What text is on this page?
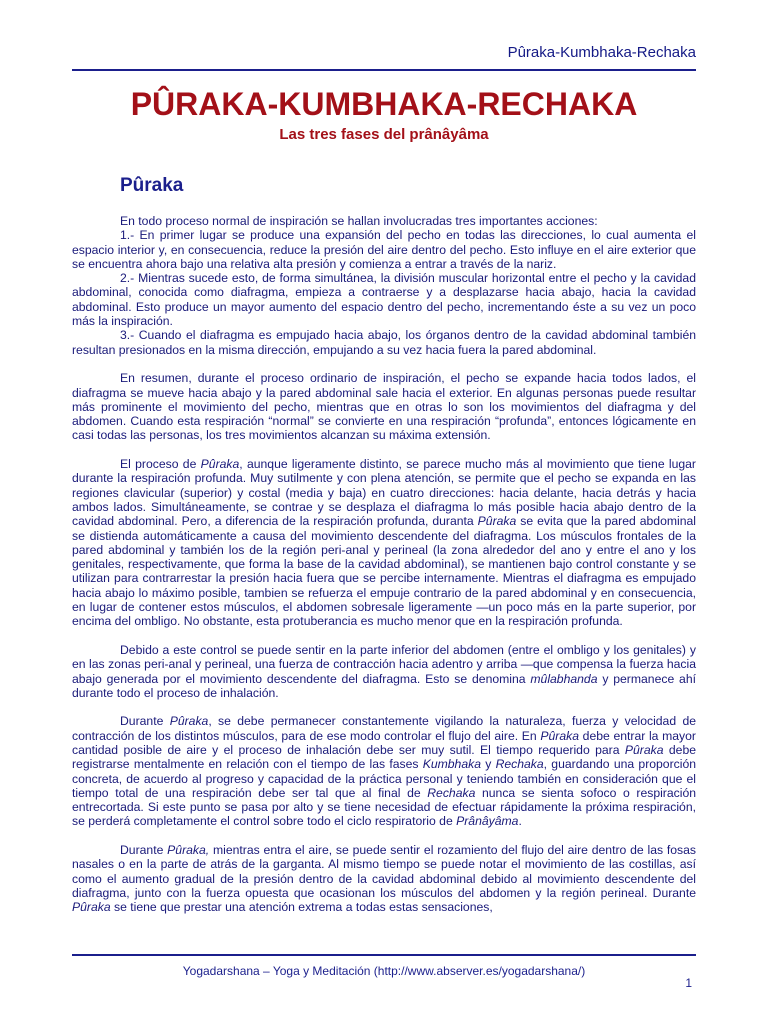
Pûraka-Kumbhaka-Rechaka
PÛRAKA-KUMBHAKA-RECHAKA
Las tres fases del prânâyâma
Pûraka

En todo proceso normal de inspiración se hallan involucradas tres importantes acciones:

1.- En primer lugar se produce una expansión del pecho en todas las direcciones, lo cual aumenta el espacio interior y, en consecuencia, reduce la presión del aire dentro del pecho. Esto influye en el aire exterior que se encuentra ahora bajo una relativa alta presión y comienza a entrar a través de la nariz.

2.- Mientras sucede esto, de forma simultánea, la división muscular horizontal entre el pecho y la cavidad abdominal, conocida como diafragma, empieza a contraerse y a desplazarse hacia abajo, hacia la cavidad abdominal. Esto produce un mayor aumento del espacio dentro del pecho, incrementando éste a su vez un poco más la inspiración.

3.- Cuando el diafragma es empujado hacia abajo, los órganos dentro de la cavidad abdominal también resultan presionados en la misma dirección, empujando a su vez hacia fuera la pared abdominal.

En resumen, durante el proceso ordinario de inspiración, el pecho se expande hacia todos lados, el diafragma se mueve hacia abajo y la pared abdominal sale hacia el exterior. En algunas personas puede resultar más prominente el movimiento del pecho, mientras que en otras lo son los movimientos del diafragma y del abdomen. Cuando esta respiración “normal” se convierte en una respiración “profunda”, entonces lógicamente en casi todas las personas, los tres movimientos alcanzan su máxima extensión.

El proceso de Pûraka, aunque ligeramente distinto, se parece mucho más al movimiento que tiene lugar durante la respiración profunda. Muy sutilmente y con plena atención, se permite que el pecho se expanda en las regiones clavicular (superior) y costal (media y baja) en cuatro direcciones: hacia delante, hacia detrás y hacia ambos lados. Simultáneamente, se contrae y se desplaza el diafragma lo más posible hacia abajo dentro de la cavidad abdominal. Pero, a diferencia de la respiración profunda, duranta Pûraka se evita que la pared abdominal se distienda automáticamente a causa del movimiento descendente del diafragma. Los músculos frontales de la pared abdominal y también los de la región peri-anal y perineal (la zona alrededor del ano y entre el ano y los genitales, respectivamente, que forma la base de la cavidad abdominal), se mantienen bajo control constante y se utilizan para contrarrestar la presión hacia fuera que se percibe internamente. Mientras el diafragma es empujado hacia abajo lo máximo posible, tambien se refuerza el empuje contrario de la pared abdominal y en consecuencia, en lugar de contener estos músculos, el abdomen sobresale ligeramente —un poco más en la parte superior, por encima del ombligo. No obstante, esta protuberancia es mucho menor que en la respiración profunda.

Debido a este control se puede sentir en la parte inferior del abdomen (entre el ombligo y los genitales) y en las zonas peri-anal y perineal, una fuerza de contracción hacia adentro y arriba —que compensa la fuerza hacia abajo generada por el movimiento descendente del diafragma. Esto se denomina mûlabhanda y permanece ahí durante todo el proceso de inhalación.

Durante Pûraka, se debe permanecer constantemente vigilando la naturaleza, fuerza y velocidad de contracción de los distintos músculos, para de ese modo controlar el flujo del aire. En Pûraka debe entrar la mayor cantidad posible de aire y el proceso de inhalación debe ser muy sutil. El tiempo requerido para Pûraka debe registrarse mentalmente en relación con el tiempo de las fases Kumbhaka y Rechaka, guardando una proporción concreta, de acuerdo al progreso y capacidad de la práctica personal y teniendo también en consideración que el tiempo total de una respiración debe ser tal que al final de Rechaka nunca se sienta sofoco o respiración entrecortada. Si este punto se pasa por alto y se tiene necesidad de efectuar rápidamente la próxima respiración, se perderá completamente el control sobre todo el ciclo respiratorio de Prânâyâma.

Durante Pûraka, mientras entra el aire, se puede sentir el rozamiento del flujo del aire dentro de las fosas nasales o en la parte de atrás de la garganta. Al mismo tiempo se puede notar el movimiento de las costillas, así como el aumento gradual de la presión dentro de la cavidad abdominal debido al movimiento descendente del diafragma, junto con la fuerza opuesta que ocasionan los músculos del abdomen y la región perineal. Durante Pûraka se tiene que prestar una atención extrema a todas estas sensaciones,

Yogadarshana – Yoga y Meditación (http://www.abserver.es/yogadarshana/)
1
